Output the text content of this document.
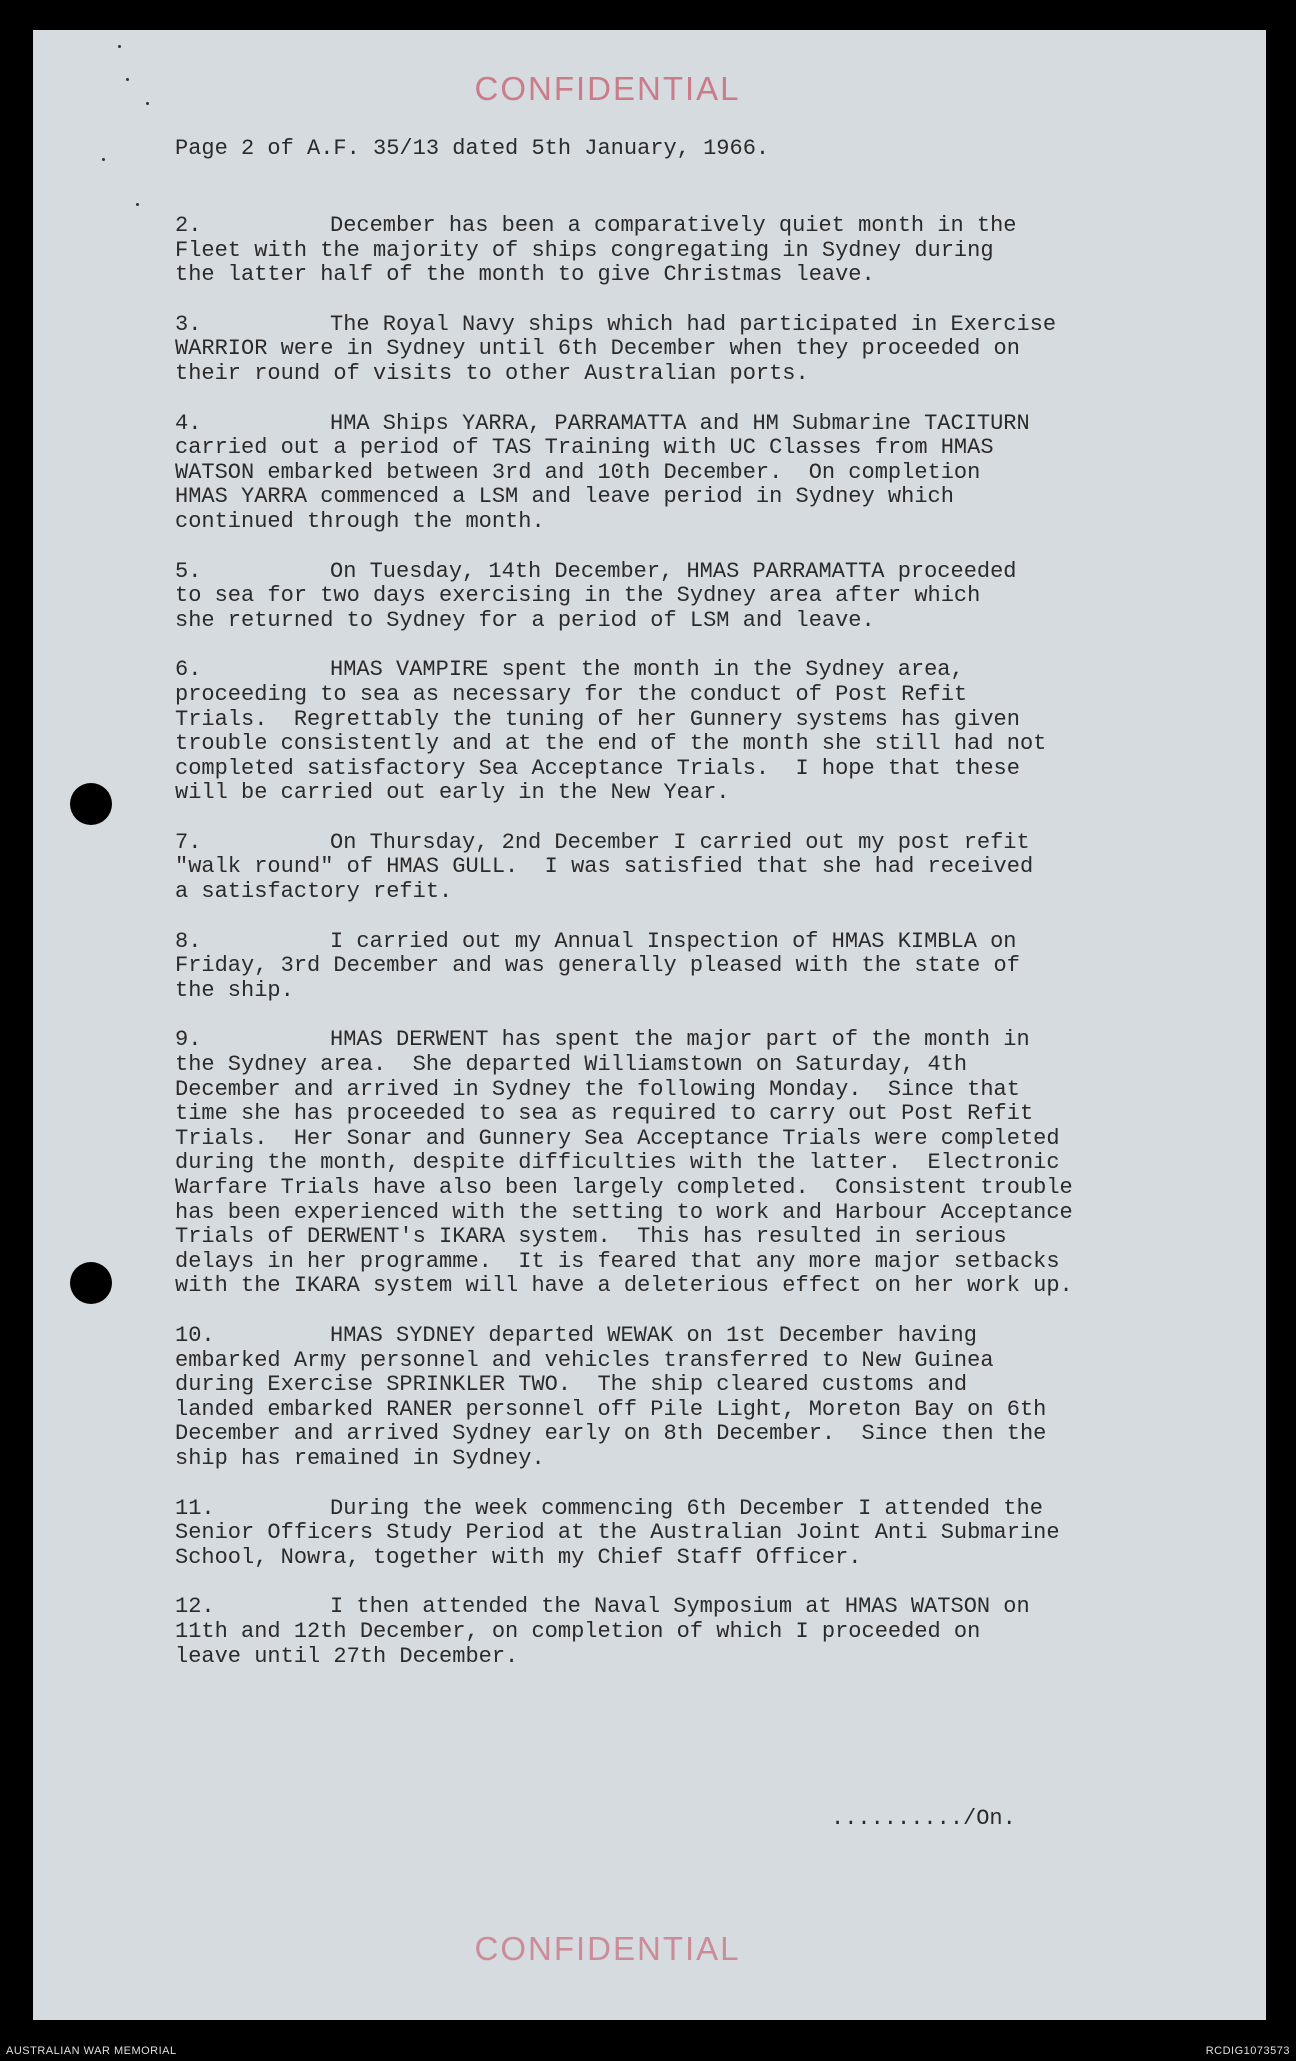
CONFIDENTIAL
Page 2 of A.F. 35/13 dated 5th January, 1966.
2.	December has been a comparatively quiet month in the
Fleet with the majority of ships congregating in Sydney during
the latter half of the month to give Christmas leave.
3.	The Royal Navy ships which had participated in Exercise
WARRIOR were in Sydney until 6th December when they proceeded on
their round of visits to other Australian ports.
4.	HMA Ships YARRA, PARRAMATTA and HM Submarine TACITURN
carried out a period of TAS Training with UC Classes from HMAS
WATSON embarked between 3rd and 10th December.  On completion
HMAS YARRA commenced a LSM and leave period in Sydney which
continued through the month.
5.	On Tuesday, 14th December, HMAS PARRAMATTA proceeded
to sea for two days exercising in the Sydney area after which
she returned to Sydney for a period of LSM and leave.
6.	HMAS VAMPIRE spent the month in the Sydney area,
proceeding to sea as necessary for the conduct of Post Refit
Trials.  Regrettably the tuning of her Gunnery systems has given
trouble consistently and at the end of the month she still had not
completed satisfactory Sea Acceptance Trials.  I hope that these
will be carried out early in the New Year.
7.	On Thursday, 2nd December I carried out my post refit
"walk round" of HMAS GULL.  I was satisfied that she had received
a satisfactory refit.
8.	I carried out my Annual Inspection of HMAS KIMBLA on
Friday, 3rd December and was generally pleased with the state of
the ship.
9.	HMAS DERWENT has spent the major part of the month in
the Sydney area.  She departed Williamstown on Saturday, 4th
December and arrived in Sydney the following Monday.  Since that
time she has proceeded to sea as required to carry out Post Refit
Trials.  Her Sonar and Gunnery Sea Acceptance Trials were completed
during the month, despite difficulties with the latter.  Electronic
Warfare Trials have also been largely completed.  Consistent trouble
has been experienced with the setting to work and Harbour Acceptance
Trials of DERWENT's IKARA system.  This has resulted in serious
delays in her programme.  It is feared that any more major setbacks
with the IKARA system will have a deleterious effect on her work up.
10.	HMAS SYDNEY departed WEWAK on 1st December having
embarked Army personnel and vehicles transferred to New Guinea
during Exercise SPRINKLER TWO.  The ship cleared customs and
landed embarked RANER personnel off Pile Light, Moreton Bay on 6th
December and arrived Sydney early on 8th December.  Since then the
ship has remained in Sydney.
11.	During the week commencing 6th December I attended the
Senior Officers Study Period at the Australian Joint Anti Submarine
School, Nowra, together with my Chief Staff Officer.
12.	I then attended the Naval Symposium at HMAS WATSON on
11th and 12th December, on completion of which I proceeded on
leave until 27th December.
........../On.
CONFIDENTIAL
AUSTRALIAN WAR MEMORIAL	RCDIG1073573
